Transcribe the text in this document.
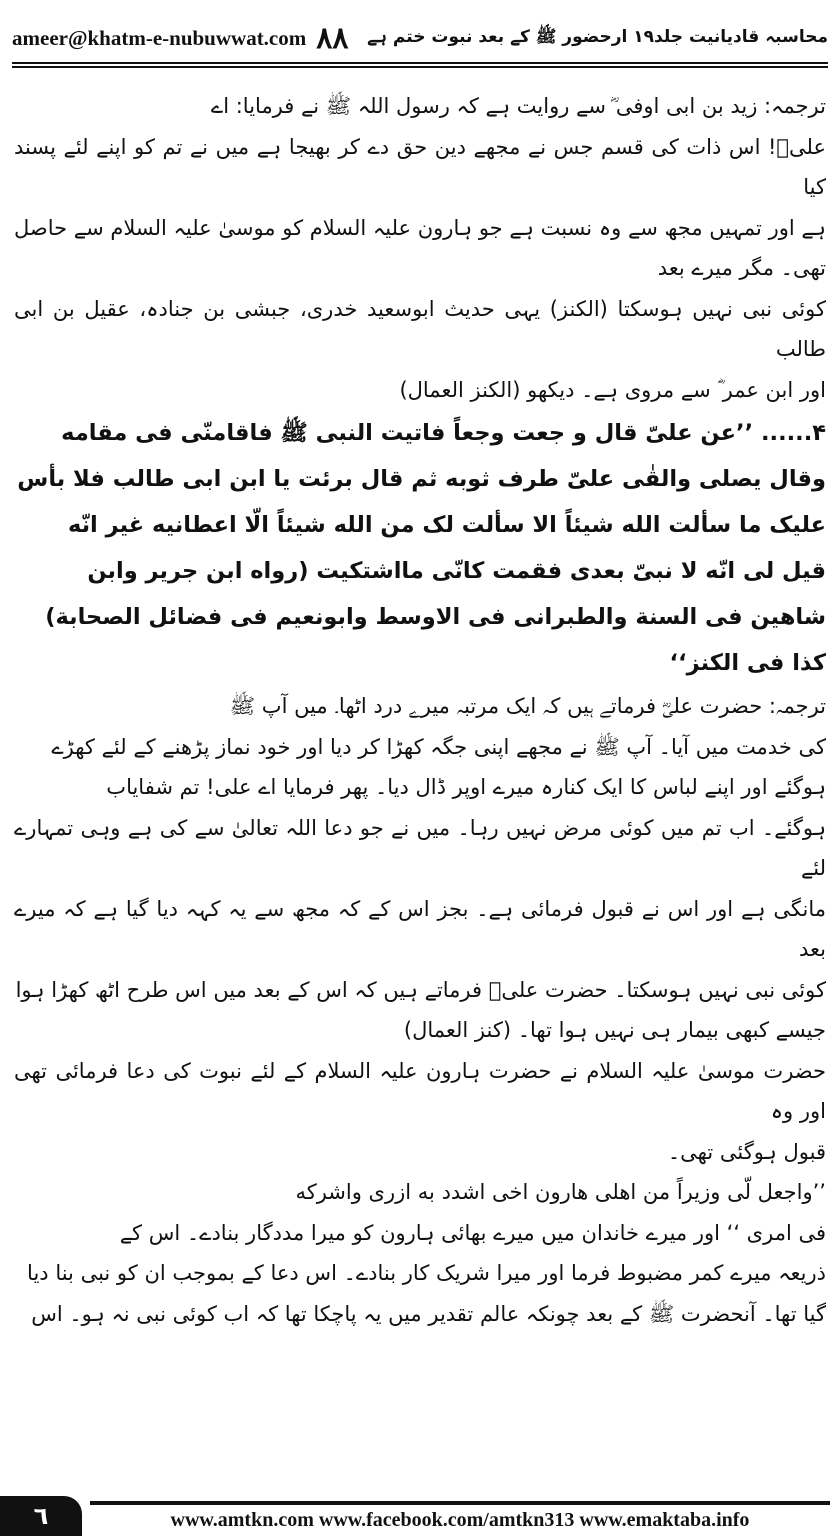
ameer@khatm-e-nubuwwat.com ۸۸ محاسبہ قادیانیت جلد۱۹ ارحضور ﷺ کے بعد نبوت ختم ہے

ترجمہ: زید بن ابی اوفی ؓ سے روایت ہے کہ رسول اللہ ﷺ نے فرمایا: اے
علیؓ! اس ذات کی قسم جس نے مجھے دین حق دے کر بھیجا ہے میں نے تم کو اپنے لئے پسند کیا
ہے اور تمہیں مجھ سے وہ نسبت ہے جو ہارون علیہ السلام کو موسیٰ علیہ السلام سے حاصل تھی۔ مگر میرے بعد
کوئی نبی نہیں ہوسکتا (الکنز) یہی حدیث ابوسعید خدری، جبشی بن جنادہ، عقیل بن ابی طالب
اور ابن عمر ؓ سے مروی ہے۔ دیکھو (الکنز العمال)

۴...... ’’عن علیّ قال و جعت وجعاً فاتیت النبی ﷺ فاقامنّی فی مقامه
وقال یصلی والقٰی علیّ طرف ثوبه ثم قال برئت یا ابن ابی طالب فلا بأس
علیک ما سألت الله شیئاً الا سألت لک من الله شیئاً الّا اعطانیه غیر انّه
قیل لی انّه لا نبیّ بعدی فقمت کانّی مااشتکیت (رواه ابن جریر وابن
شاهین فی السنة والطبرانی فی الاوسط وابونعیم فی فضائل الصحابة)
کذا فی الکنز‘‘

ترجمہ: حضرت علیؓ فرماتے ہیں کہ ایک مرتبہ میرے درد اٹھا۔ میں آپ ﷺ
کی خدمت میں آیا۔ آپ ﷺ نے مجھے اپنی جگہ کھڑا کر دیا اور خود نماز پڑھنے کے لئے کھڑے
ہوگئے اور اپنے لباس کا ایک کنارہ میرے اوپر ڈال دیا۔ پھر فرمایا اے علی! تم شفایاب
ہوگئے۔ اب تم میں کوئی مرض نہیں رہا۔ میں نے جو دعا اللہ تعالیٰ سے کی ہے وہی تمہارے لئے
مانگی ہے اور اس نے قبول فرمائی ہے۔ بجز اس کے کہ مجھ سے یہ کہہ دیا گیا ہے کہ میرے بعد
کوئی نبی نہیں ہوسکتا۔ حضرت علیؓ فرماتے ہیں کہ اس کے بعد میں اس طرح اٹھ کھڑا ہوا
جیسے کبھی بیمار ہی نہیں ہوا تھا۔ (کنز العمال)

حضرت موسیٰ علیہ السلام نے حضرت ہارون علیہ السلام کے لئے نبوت کی دعا فرمائی تھی اور وہ
قبول ہوگئی تھی۔

’’واجعل لّی وزیراً من اهلی هارون اخی اشدد به ازری واشرکه
فی امری ‘‘ اور میرے خاندان میں میرے بھائی ہارون کو میرا مددگار بنادے۔ اس کے
ذریعہ میرے کمر مضبوط فرما اور میرا شریک کار بنادے۔ اس دعا کے بموجب ان کو نبی بنا دیا
گیا تھا۔ آنحضرت ﷺ کے بعد چونکہ عالم تقدیر میں یہ پاچکا تھا کہ اب کوئی نبی نہ ہو۔ اس

٦	www.amtkn.com www.facebook.com/amtkn313 www.emaktaba.info
